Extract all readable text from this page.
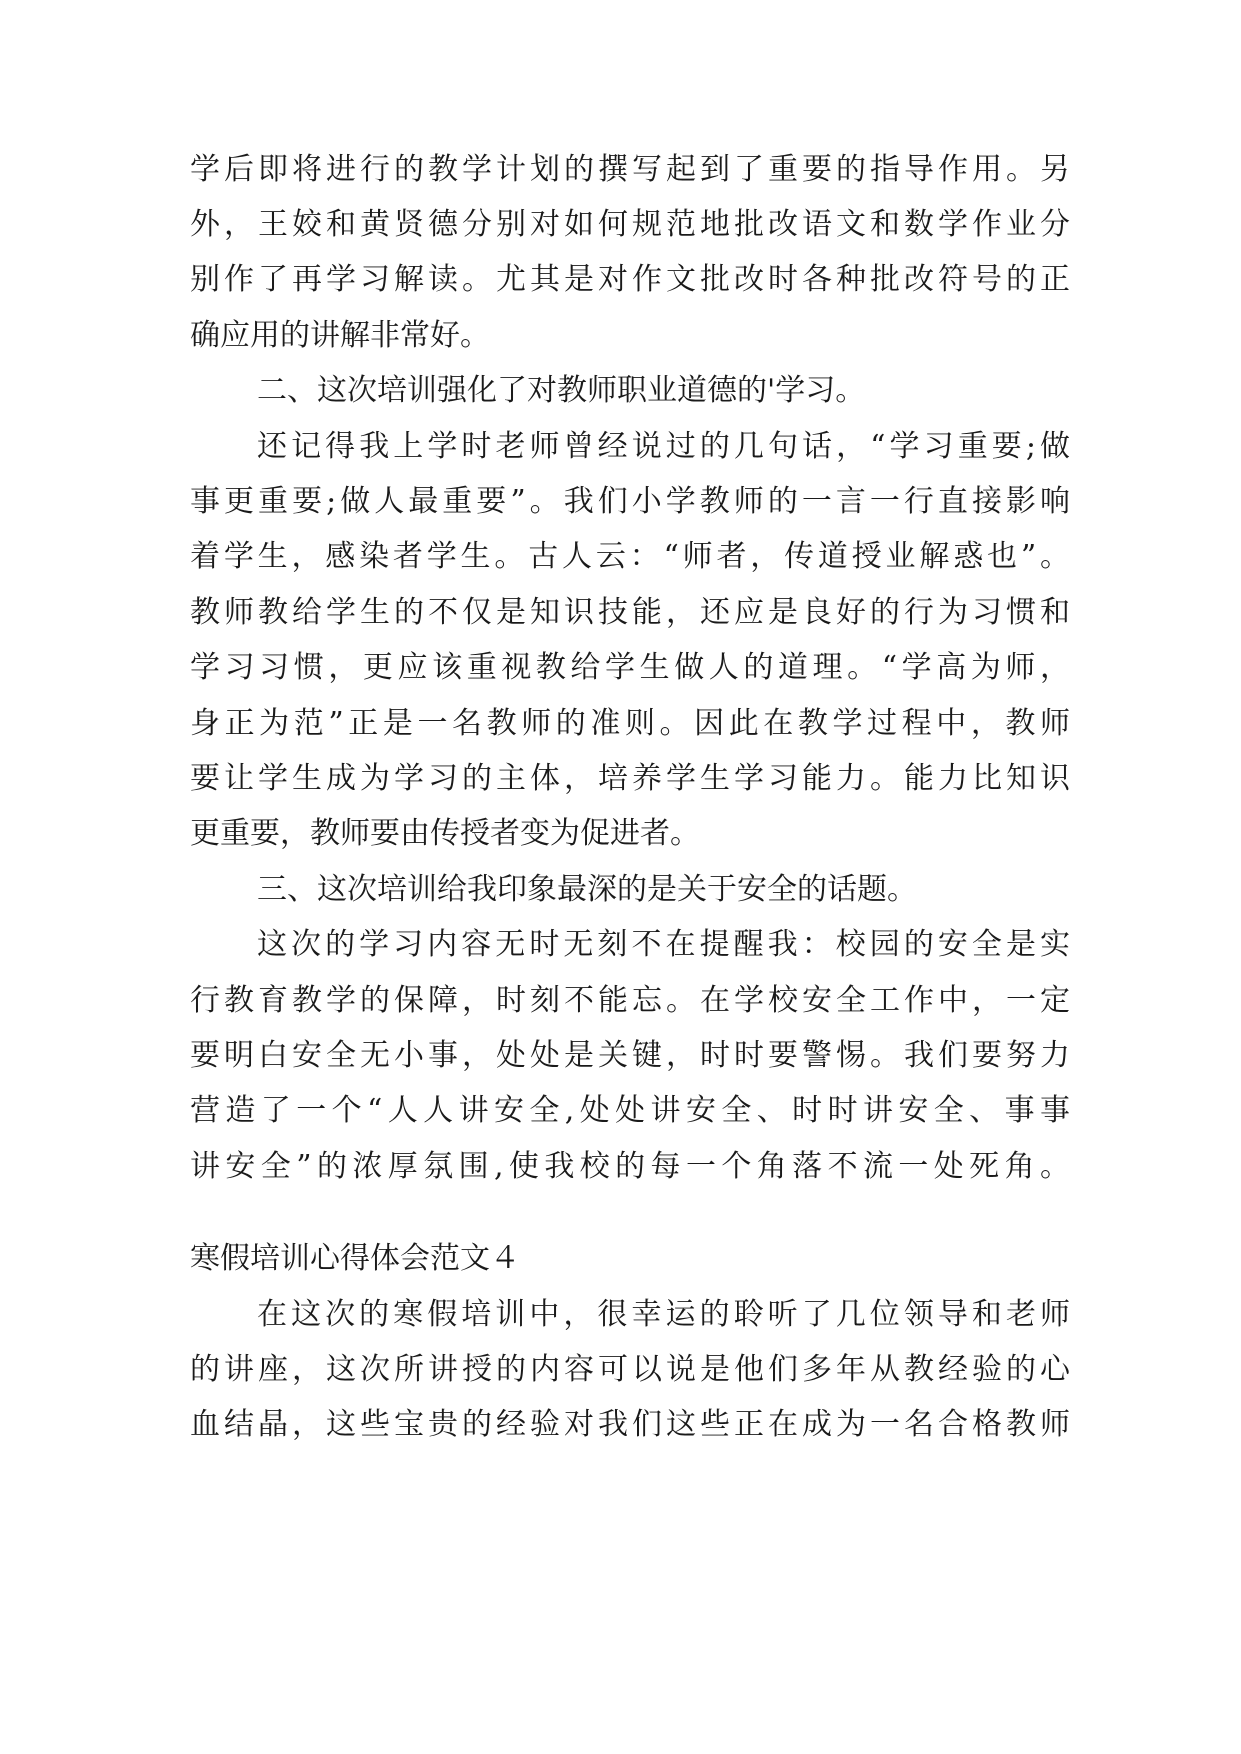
学后即将进行的教学计划的撰写起到了重要的指导作用。另
外，王姣和黄贤德分别对如何规范地批改语文和数学作业分
别作了再学习解读。尤其是对作文批改时各种批改符号的正
确应用的讲解非常好。
二、这次培训强化了对教师职业道德的'学习。
还记得我上学时老师曾经说过的几句话，“学习重要;做
事更重要;做人最重要”。我们小学教师的一言一行直接影响
着学生，感染者学生。古人云：“师者，传道授业解惑也”。
教师教给学生的不仅是知识技能，还应是良好的行为习惯和
学习习惯，更应该重视教给学生做人的道理。“学高为师，
身正为范”正是一名教师的准则。因此在教学过程中，教师
要让学生成为学习的主体，培养学生学习能力。能力比知识
更重要，教师要由传授者变为促进者。
三、这次培训给我印象最深的是关于安全的话题。
这次的学习内容无时无刻不在提醒我：校园的安全是实
行教育教学的保障，时刻不能忘。在学校安全工作中，一定
要明白安全无小事，处处是关键，时时要警惕。我们要努力
营造了一个“人人讲安全,处处讲安全、时时讲安全、事事
讲安全”的浓厚氛围,使我校的每一个角落不流一处死角。
寒假培训心得体会范文４
在这次的寒假培训中，很幸运的聆听了几位领导和老师
的讲座，这次所讲授的内容可以说是他们多年从教经验的心
血结晶，这些宝贵的经验对我们这些正在成为一名合格教师
